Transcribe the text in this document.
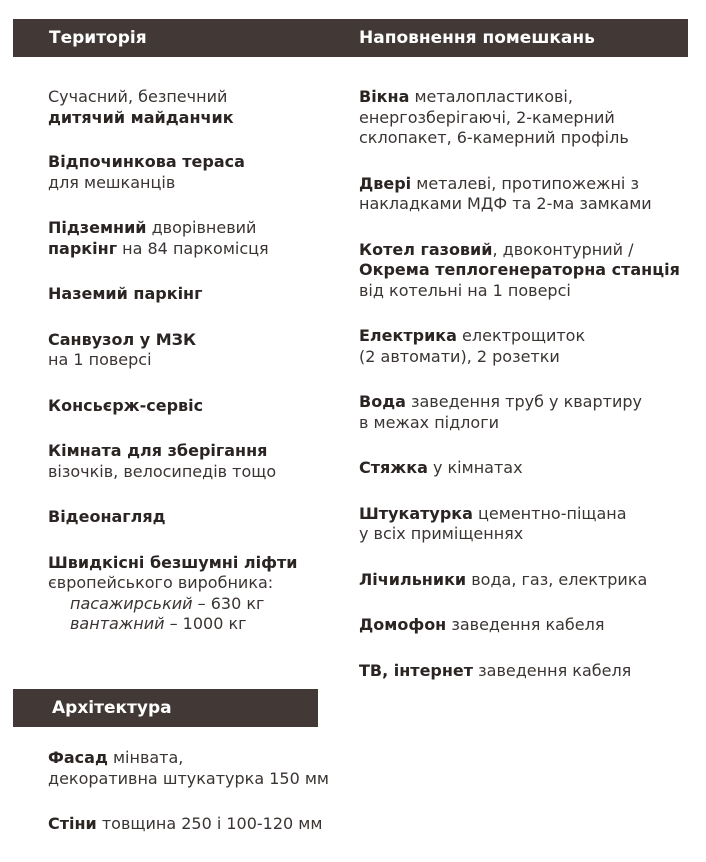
Територія	Наповнення помешкань

Сучасний, безпечний
дитячий майданчик

Відпочинкова тераса
для мешканців

Підземний дворівневий
паркінг на 84 паркомісця

Наземий паркінг

Санвузол у МЗК
на 1 поверсі

Консьєрж-сервіс

Кімната для зберігання
візочків, велосипедів тощо

Відеонагляд

Швидкісні безшумні ліфти
європейського виробника:
пасажирський – 630 кг
вантажний – 1000 кг

Вікна металопластикові,
енергозберігаючі, 2-камерний
склопакет, 6-камерний профіль

Двері металеві, протипожежні з
накладками МДФ та 2-ма замками

Котел газовий, двоконтурний /
Окрема теплогенераторна станція
від котельні на 1 поверсі

Електрика електрощиток
(2 автомати), 2 розетки

Вода заведення труб у квартиру
в межах підлоги

Стяжка у кімнатах

Штукатурка цементно-піщана
у всіх приміщеннях

Лічильники вода, газ, електрика

Домофон заведення кабеля

ТВ, інтернет заведення кабеля

Архітектура

Фасад мінвата,
декоративна штукатурка 150 мм

Стіни товщина 250 і 100-120 мм
